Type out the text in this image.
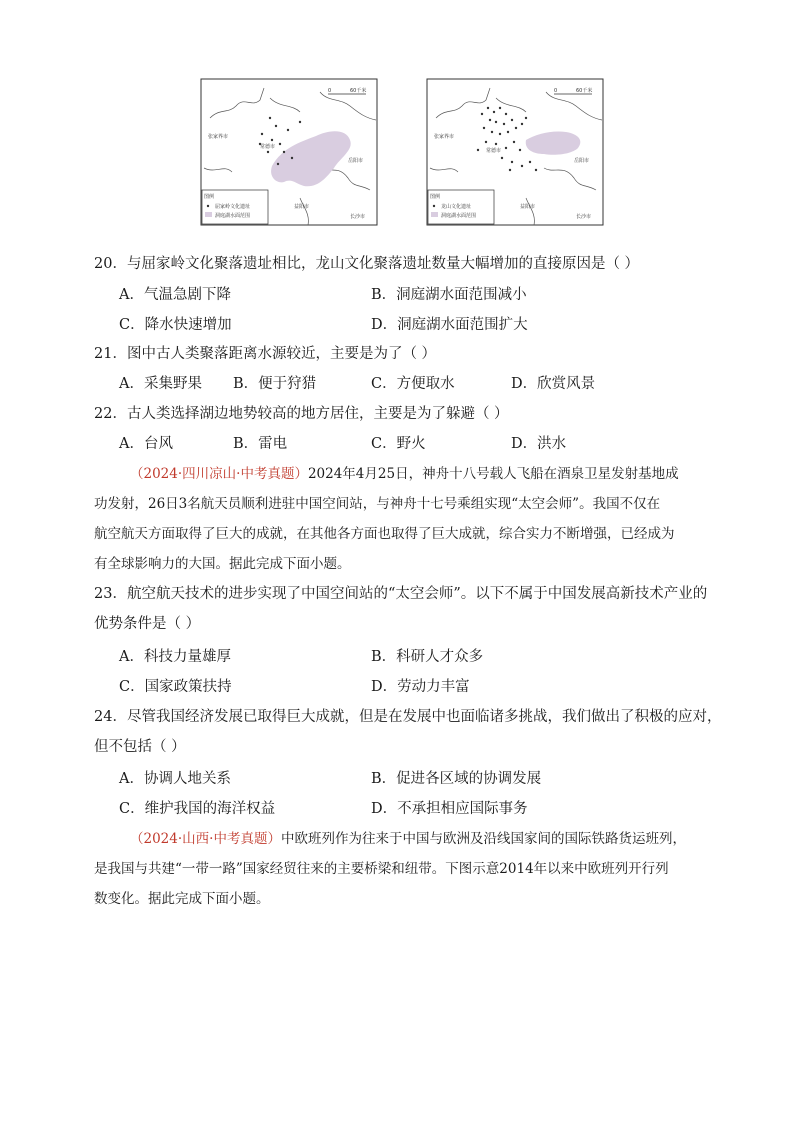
0	60千米
张家界市
常德市
岳阳市
益阳市
长沙市
图例
屈家岭文化遗址
洞庭湖水面范围
0	60千米
张家界市
常德市
岳阳市
益阳市
长沙市
图例
龙山文化遗址
洞庭湖水面范围
20．与屈家岭文化聚落遗址相比，龙山文化聚落遗址数量大幅增加的直接原因是（ ）
A．气温急剧下降	B．洞庭湖水面范围减小
C．降水快速增加	D．洞庭湖水面范围扩大
21．图中古人类聚落距离水源较近，主要是为了（ ）
A．采集野果 B．便于狩猎	C．方便取水	D．欣赏风景
22．古人类选择湖边地势较高的地方居住，主要是为了躲避（ ）
A．台风	B．雷电	C．野火	D．洪水
（2024·四川凉山·中考真题）2024年4月25日，神舟十八号载人飞船在酒泉卫星发射基地成
功发射，26日3名航天员顺利进驻中国空间站，与神舟十七号乘组实现“太空会师”。我国不仅在
航空航天方面取得了巨大的成就，在其他各方面也取得了巨大成就，综合实力不断增强，已经成为
有全球影响力的大国。据此完成下面小题。
23．航空航天技术的进步实现了中国空间站的“太空会师”。以下不属于中国发展高新技术产业的
优势条件是（ ）
A．科技力量雄厚	B．科研人才众多
C．国家政策扶持	D．劳动力丰富
24．尽管我国经济发展已取得巨大成就，但是在发展中也面临诸多挑战，我们做出了积极的应对，
但不包括（ ）
A．协调人地关系	B．促进各区域的协调发展
C．维护我国的海洋权益	D．不承担相应国际事务
（2024·山西·中考真题）中欧班列作为往来于中国与欧洲及沿线国家间的国际铁路货运班列，
是我国与共建“一带一路”国家经贸往来的主要桥梁和纽带。下图示意2014年以来中欧班列开行列
数变化。据此完成下面小题。
